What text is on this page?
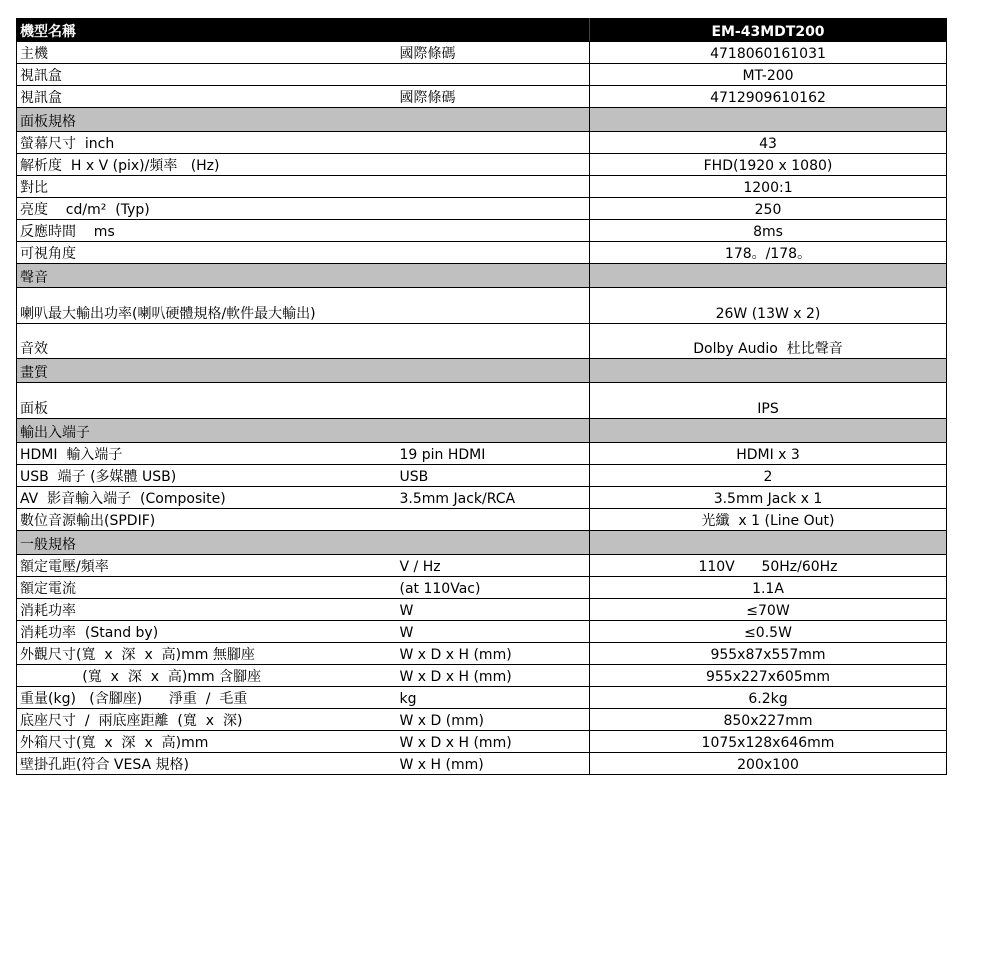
機型名稱		EM-43MDT200
主機	國際條碼	4718060161031
視訊盒		MT-200
視訊盒	國際條碼	4712909610162
面板規格		
螢幕尺寸  inch		43
解析度  H x V (pix)/頻率   (Hz)		FHD(1920 x 1080)
對比		1200:1
亮度    cd/m²  (Typ)		250
反應時間    ms		8ms
可視角度		178。/178。
聲音		
喇叭最大輸出功率(喇叭硬體規格/軟件最大輸出)		26W (13W x 2)
音效		Dolby Audio  杜比聲音
畫質		
面板		IPS
輸出入端子		
HDMI  輸入端子	19 pin HDMI	HDMI x 3
USB  端子 (多媒體 USB)	USB	2
AV  影音輸入端子  (Composite)	3.5mm Jack/RCA	3.5mm Jack x 1
數位音源輸出(SPDIF)		光纖  x 1 (Line Out)
一般規格		
額定電壓/頻率	V / Hz	110V      50Hz/60Hz
額定電流	(at 110Vac)	1.1A
消耗功率	W	≤70W
消耗功率  (Stand by)	W	≤0.5W
外觀尺寸(寬  x  深  x  高)mm 無腳座	W x D x H (mm)	955x87x557mm
(寬  x  深  x  高)mm 含腳座	W x D x H (mm)	955x227x605mm
重量(kg)   (含腳座)      淨重  /  毛重	kg	6.2kg
底座尺寸  /  兩底座距離  (寬  x  深)	W x D (mm)	850x227mm
外箱尺寸(寬  x  深  x  高)mm	W x D x H (mm)	1075x128x646mm
壁掛孔距(符合 VESA 規格)	W x H (mm)	200x100
